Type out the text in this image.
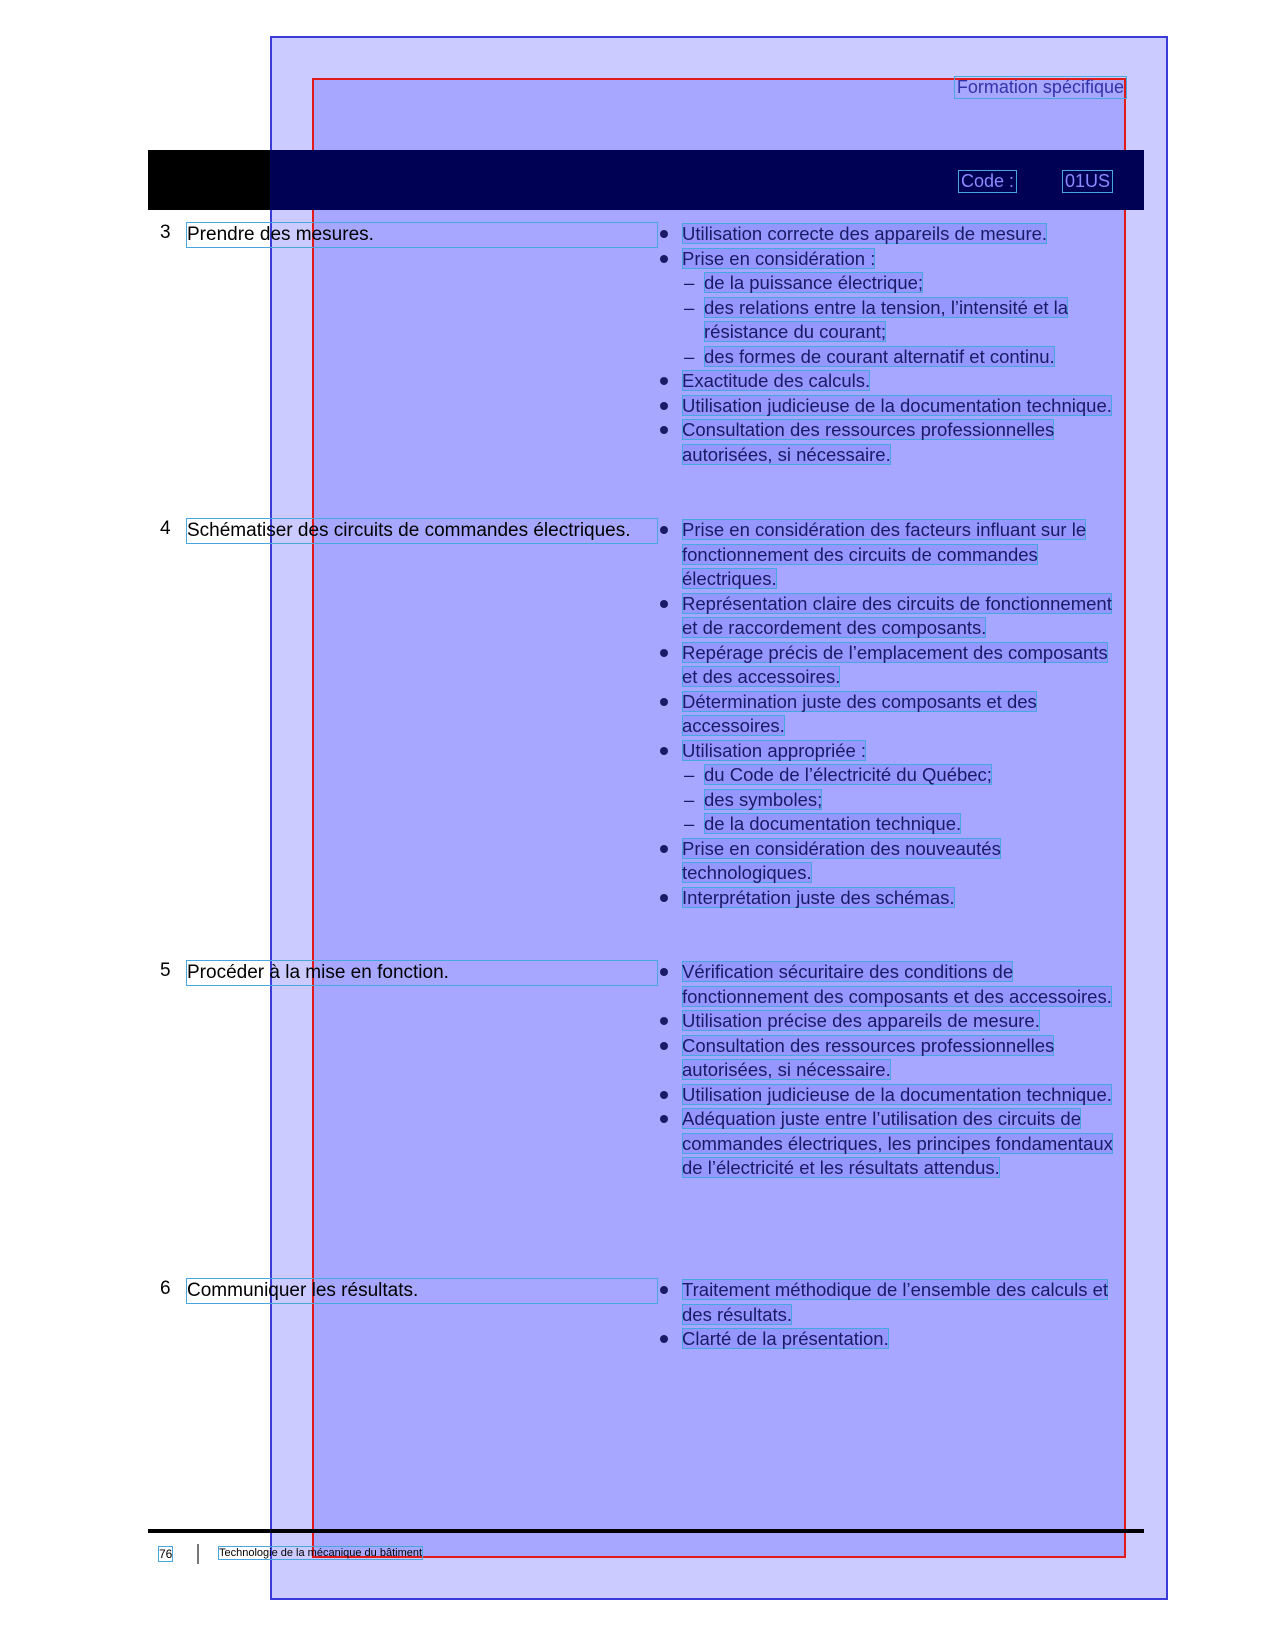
Formation spécifique
Code :	01US
3 Prendre des mesures.	Utilisation correcte des appareils de mesure.

Prise en considération :

– de la puissance électrique;

– des relations entre la tension, l’intensité et la résistance du courant;

– des formes de courant alternatif et continu.

Exactitude des calculs.

Utilisation judicieuse de la documentation technique.

Consultation des ressources professionnelles autorisées, si nécessaire.

4 Schématiser des circuits de commandes électriques.	Prise en considération des facteurs influant sur le fonctionnement des circuits de commandes électriques.

Représentation claire des circuits de fonctionnement et de raccordement des composants.

Repérage précis de l’emplacement des composants et des accessoires.

Détermination juste des composants et des accessoires.

Utilisation appropriée :

– du Code de l’électricité du Québec;

– des symboles;

– de la documentation technique.

Prise en considération des nouveautés technologiques.

Interprétation juste des schémas.

5 Procéder à la mise en fonction.	Vérification sécuritaire des conditions de fonctionnement des composants et des accessoires.

Utilisation précise des appareils de mesure.

Consultation des ressources professionnelles autorisées, si nécessaire.

Utilisation judicieuse de la documentation technique.

Adéquation juste entre l’utilisation des circuits de commandes électriques, les principes fondamentaux de l’électricité et les résultats attendus.

6 Communiquer les résultats.	Traitement méthodique de l’ensemble des calculs et des résultats.

Clarté de la présentation.

76	Technologie de la mécanique du bâtiment
